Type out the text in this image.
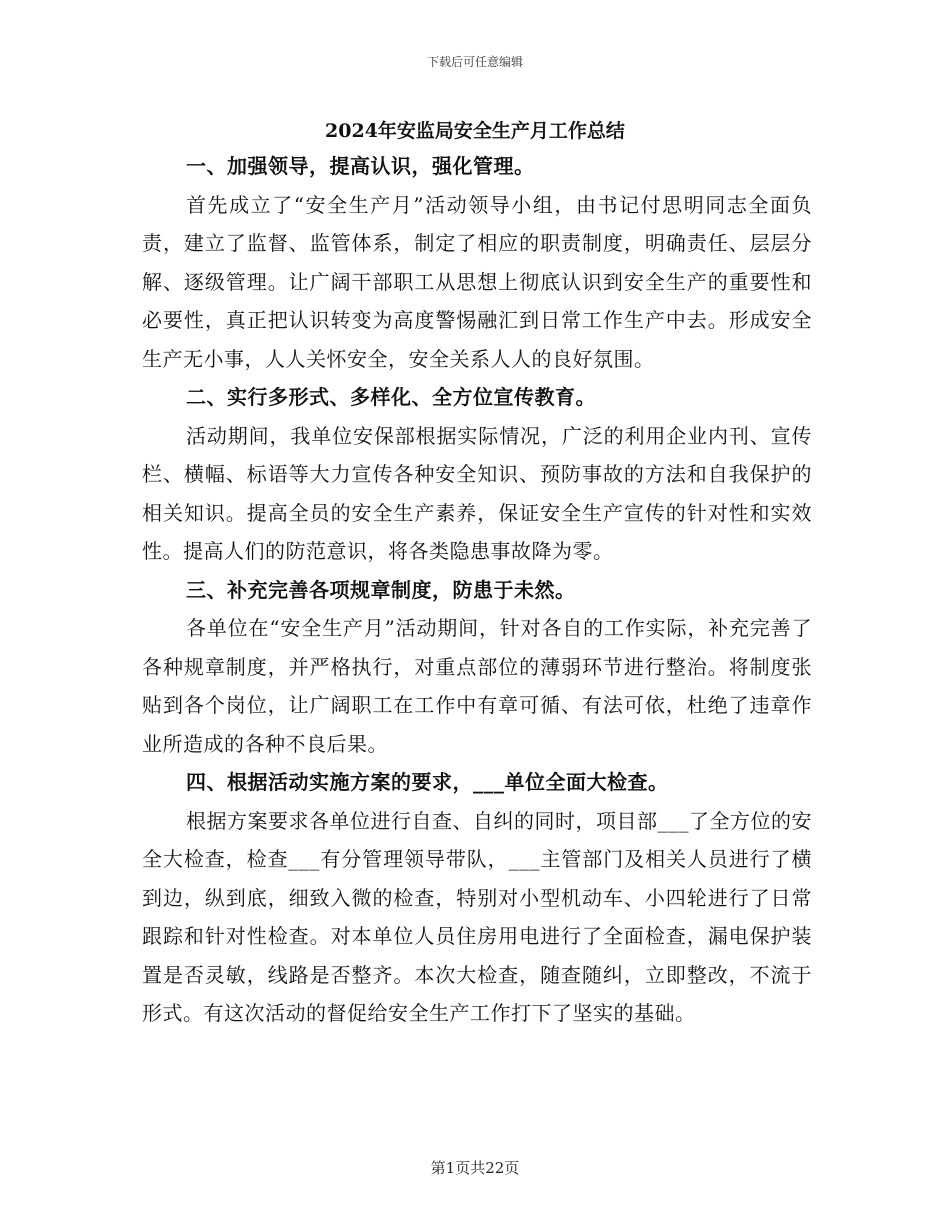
下载后可任意编辑
2024年安监局安全生产月工作总结

一、加强领导，提高认识，强化管理。

首先成立了“安全生产月”活动领导小组，由书记付思明同志全面负责，建立了监督、监管体系，制定了相应的职责制度，明确责任、层层分解、逐级管理。让广阔干部职工从思想上彻底认识到安全生产的重要性和必要性，真正把认识转变为高度警惕融汇到日常工作生产中去。形成安全生产无小事，人人关怀安全，安全关系人人的良好氛围。

二、实行多形式、多样化、全方位宣传教育。

活动期间，我单位安保部根据实际情况，广泛的利用企业内刊、宣传栏、横幅、标语等大力宣传各种安全知识、预防事故的方法和自我保护的相关知识。提高全员的安全生产素养，保证安全生产宣传的针对性和实效性。提高人们的防范意识，将各类隐患事故降为零。

三、补充完善各项规章制度，防患于未然。

各单位在“安全生产月”活动期间，针对各自的工作实际，补充完善了各种规章制度，并严格执行，对重点部位的薄弱环节进行整治。将制度张贴到各个岗位，让广阔职工在工作中有章可循、有法可依，杜绝了违章作业所造成的各种不良后果。

四、根据活动实施方案的要求，___单位全面大检查。

根据方案要求各单位进行自查、自纠的同时，项目部___了全方位的安全大检查，检查___有分管理领导带队，___主管部门及相关人员进行了横到边，纵到底，细致入微的检查，特别对小型机动车、小四轮进行了日常跟踪和针对性检查。对本单位人员住房用电进行了全面检查，漏电保护装置是否灵敏，线路是否整齐。本次大检查，随查随纠，立即整改，不流于形式。有这次活动的督促给安全生产工作打下了坚实的基础。

第1页共22页
